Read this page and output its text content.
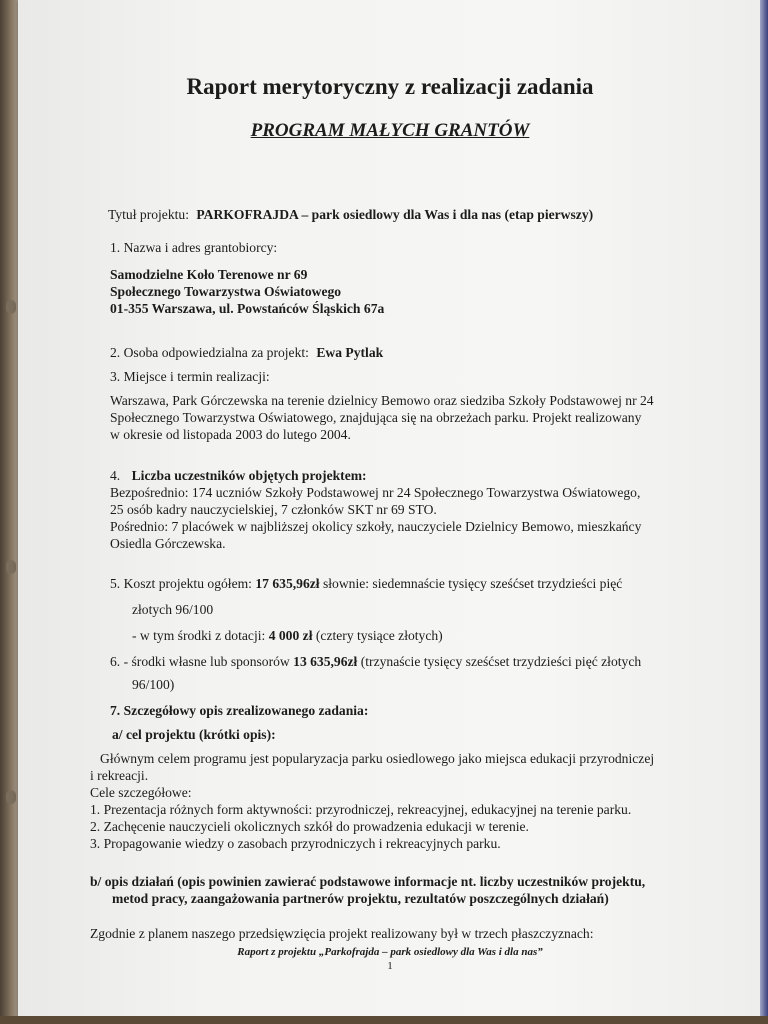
Raport merytoryczny z realizacji zadania
PROGRAM MAŁYCH GRANTÓW
Tytuł projektu: PARKOFRAJDA – park osiedlowy dla Was i dla nas (etap pierwszy)
1. Nazwa i adres grantobiorcy:
Samodzielne Koło Terenowe nr 69
Społecznego Towarzystwa Oświatowego
01-355 Warszawa, ul. Powstańców Śląskich 67a
2. Osoba odpowiedzialna za projekt: Ewa Pytlak
3. Miejsce i termin realizacji:
Warszawa, Park Górczewska na terenie dzielnicy Bemowo oraz siedziba Szkoły Podstawowej nr 24
Społecznego Towarzystwa Oświatowego, znajdująca się na obrzeżach parku. Projekt realizowany
w okresie od listopada 2003 do lutego 2004.
4. Liczba uczestników objętych projektem:
Bezpośrednio: 174 uczniów Szkoły Podstawowej nr 24 Społecznego Towarzystwa Oświatowego,
25 osób kadry nauczycielskiej, 7 członków SKT nr 69 STO.
Pośrednio: 7 placówek w najbliższej okolicy szkoły, nauczyciele Dzielnicy Bemowo, mieszkańcy
Osiedla Górczewska.
5. Koszt projektu ogółem: 17 635,96zł słownie: siedemnaście tysięcy sześćset trzydzieści pięć
złotych 96/100
- w tym środki z dotacji: 4 000 zł (cztery tysiące złotych)
6. - środki własne lub sponsorów 13 635,96zł (trzynaście tysięcy sześćset trzydzieści pięć złotych
96/100)
7. Szczegółowy opis zrealizowanego zadania:
a/ cel projektu (krótki opis):
Głównym celem programu jest popularyzacja parku osiedlowego jako miejsca edukacji przyrodniczej
i rekreacji.
Cele szczegółowe:
1. Prezentacja różnych form aktywności: przyrodniczej, rekreacyjnej, edukacyjnej na terenie parku.
2. Zachęcenie nauczycieli okolicznych szkół do prowadzenia edukacji w terenie.
3. Propagowanie wiedzy o zasobach przyrodniczych i rekreacyjnych parku.
b/ opis działań (opis powinien zawierać podstawowe informacje nt. liczby uczestników projektu,
metod pracy, zaangażowania partnerów projektu, rezultatów poszczególnych działań)
Zgodnie z planem naszego przedsięwzięcia projekt realizowany był w trzech płaszczyznach:
Raport z projektu „Parkofrajda – park osiedlowy dla Was i dla nas”
1
